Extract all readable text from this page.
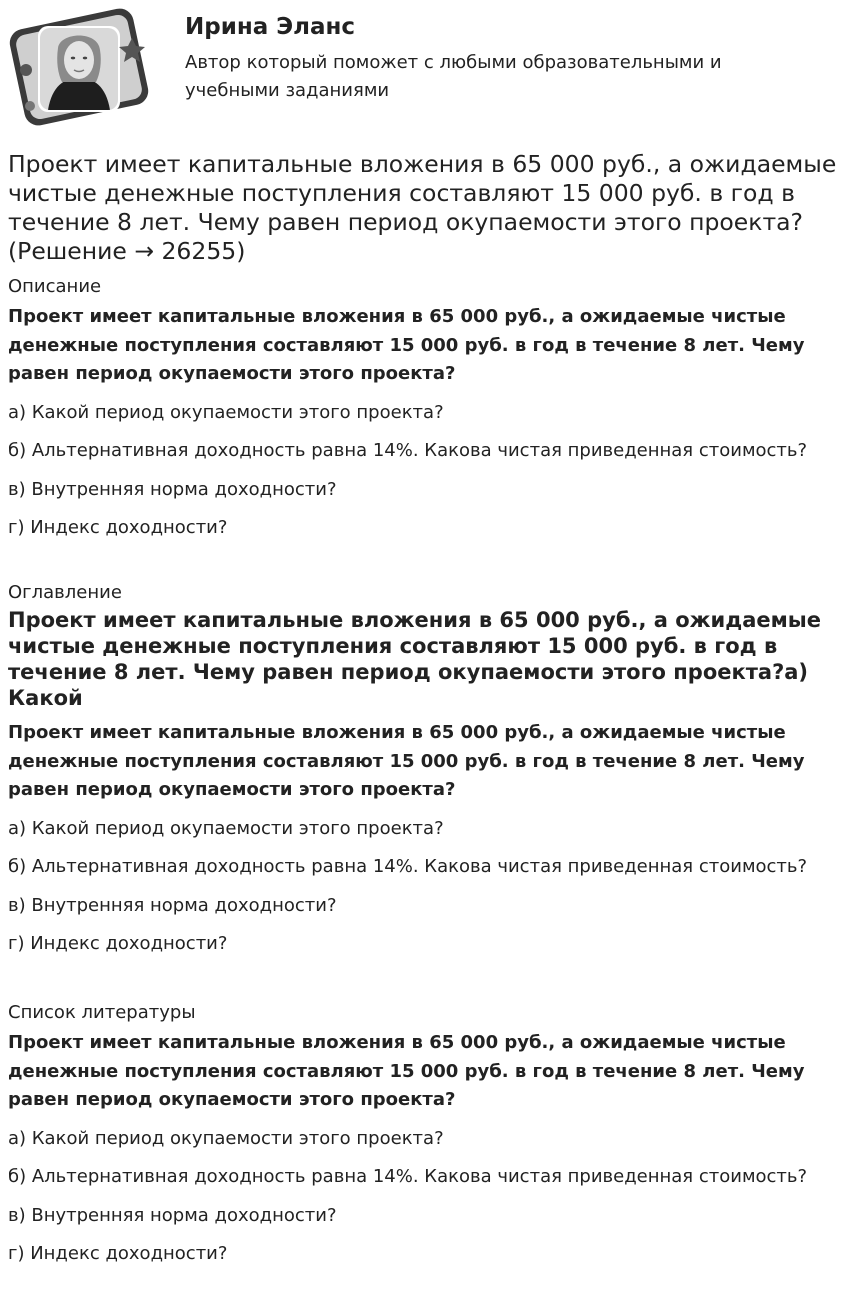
Ирина Эланс
Автор который поможет с любыми образовательными и учебными заданиями
Проект имеет капитальные вложения в 65 000 руб., а ожидаемые чистые денежные поступления составляют 15 000 руб. в год в течение 8 лет. Чему равен период окупаемости этого проекта? (Решение → 26255)

Описание

Проект имеет капитальные вложения в 65 000 руб., а ожидаемые чистые денежные поступления составляют 15 000 руб. в год в течение 8 лет. Чему равен период окупаемости этого проекта?

а) Какой период окупаемости этого проекта?

б) Альтернативная доходность равна 14%. Какова чистая приведенная стоимость?

в) Внутренняя норма доходности?

г) Индекс доходности?

Оглавление

Проект имеет капитальные вложения в 65 000 руб., а ожидаемые чистые денежные поступления составляют 15 000 руб. в год в течение 8 лет. Чему равен период окупаемости этого проекта?а) Какой

Проект имеет капитальные вложения в 65 000 руб., а ожидаемые чистые денежные поступления составляют 15 000 руб. в год в течение 8 лет. Чему равен период окупаемости этого проекта?

а) Какой период окупаемости этого проекта?

б) Альтернативная доходность равна 14%. Какова чистая приведенная стоимость?

в) Внутренняя норма доходности?

г) Индекс доходности?

Список литературы

Проект имеет капитальные вложения в 65 000 руб., а ожидаемые чистые денежные поступления составляют 15 000 руб. в год в течение 8 лет. Чему равен период окупаемости этого проекта?

а) Какой период окупаемости этого проекта?

б) Альтернативная доходность равна 14%. Какова чистая приведенная стоимость?

в) Внутренняя норма доходности?

г) Индекс доходности?
